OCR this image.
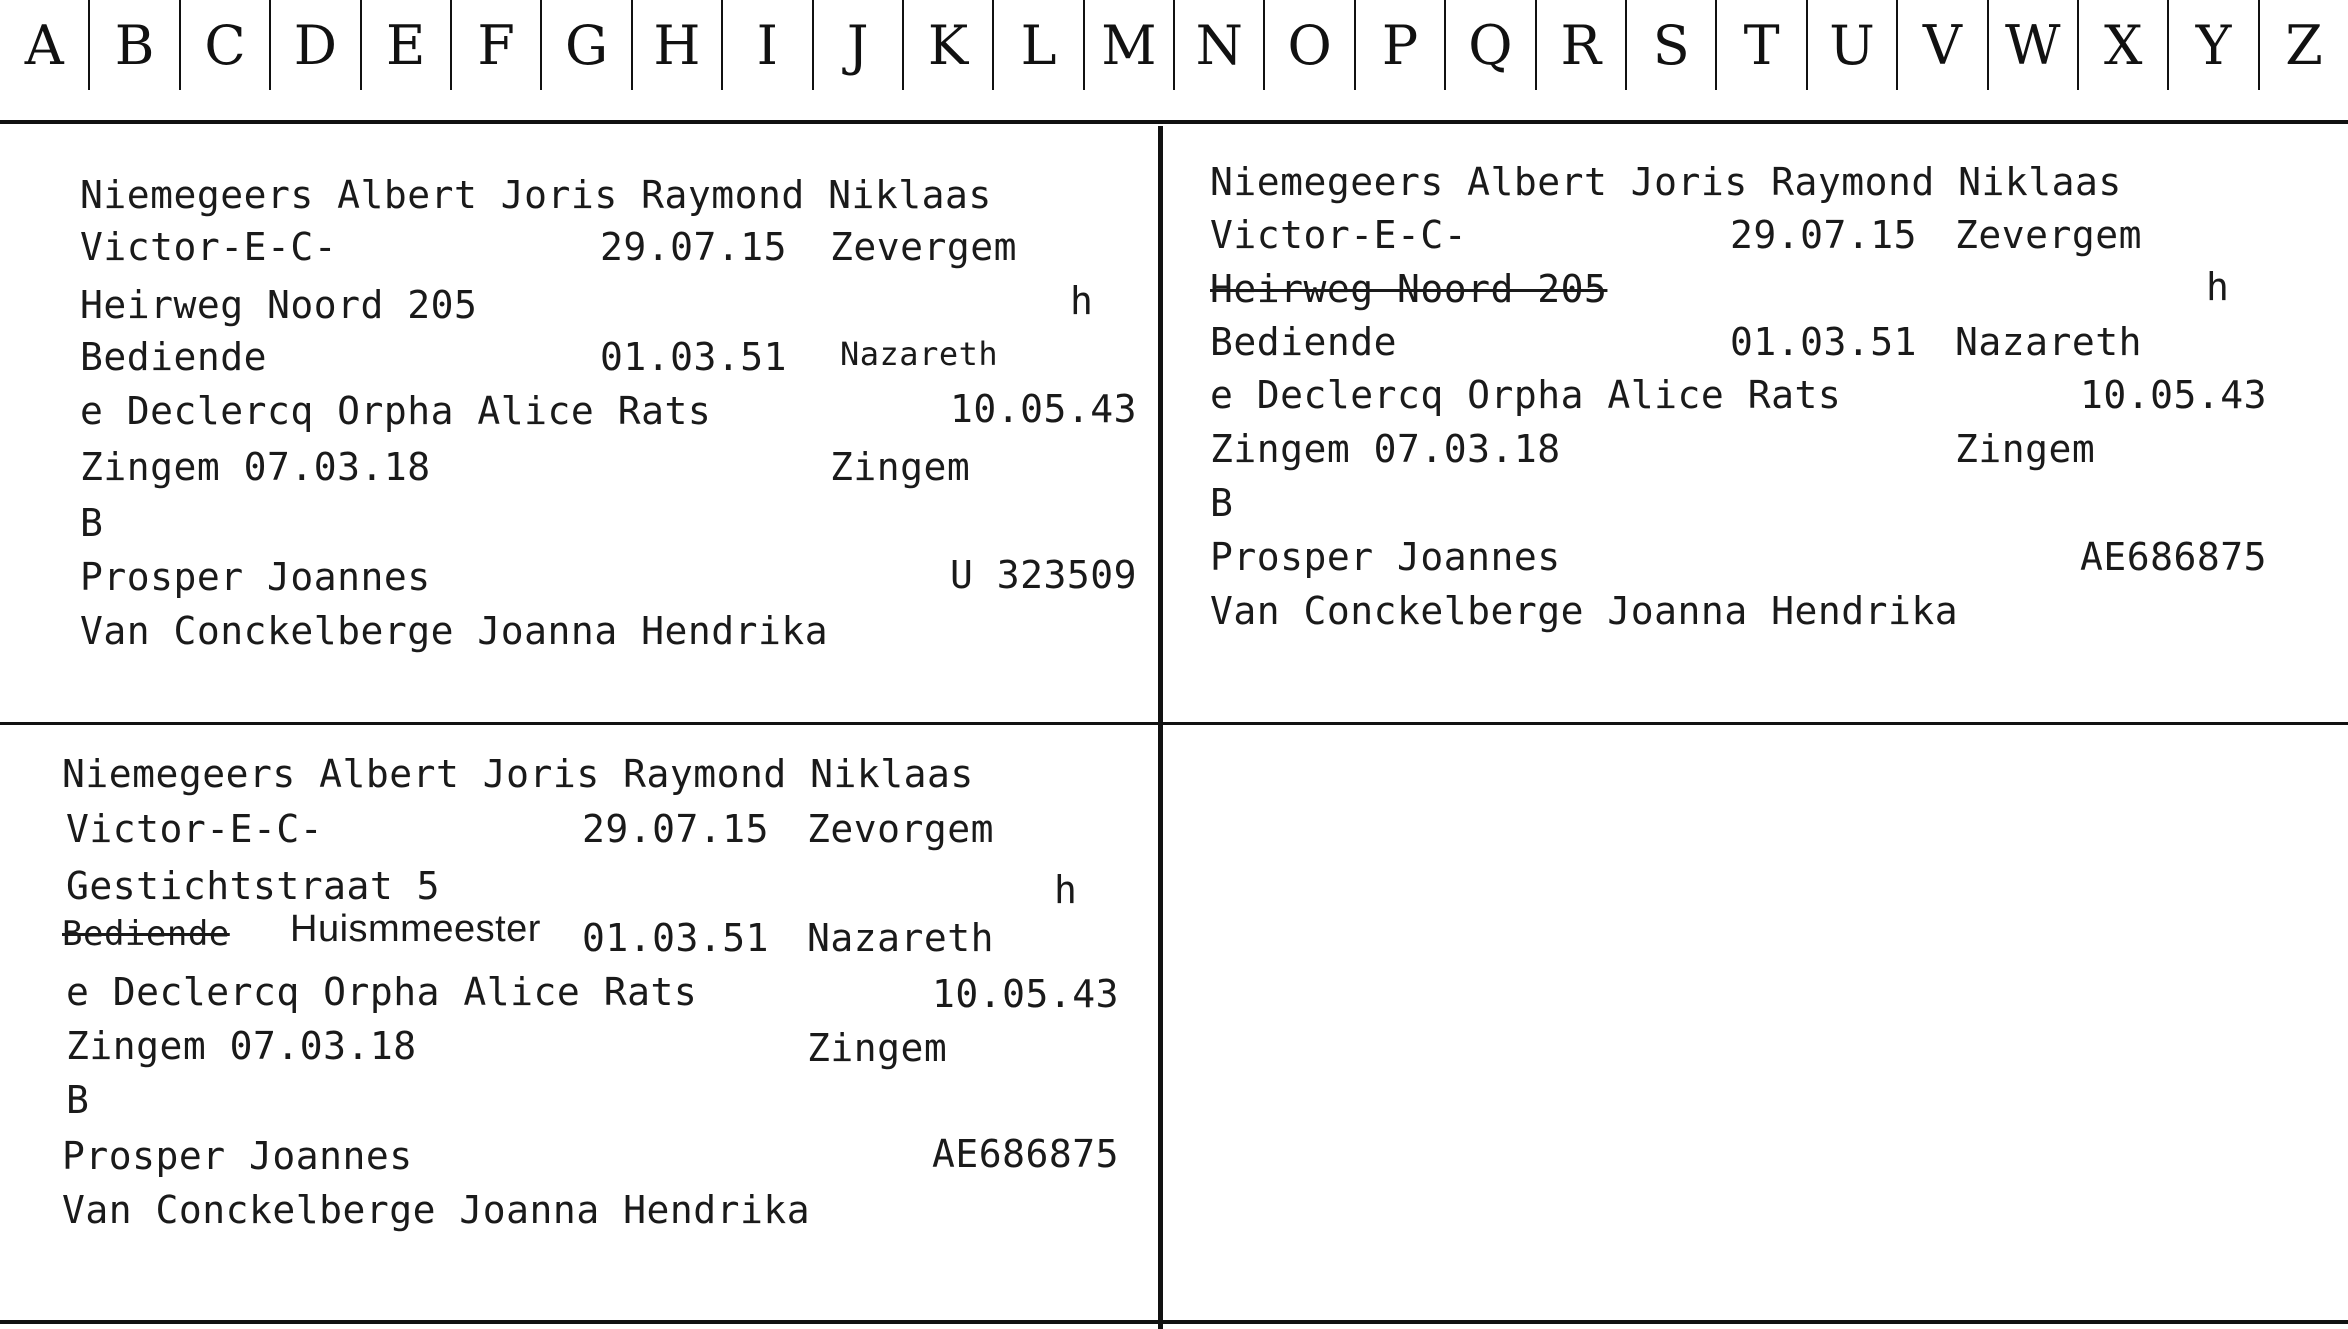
A B C D E F G H	I	J	K L M N O P Q R S T U V W X Y Z
Niemegeers Albert Joris Raymond Niklaas
Victor-E-C-	29.07.15 Zevergem
Heirweg Noord 205	h
Bediende	01.03.51 Nazareth
e Declercq Orpha Alice Rats	10.05.43
Zingem 07.03.18	Zingem
B
Prosper Joannes	U 323509
Van Conckelberge Joanna Hendrika
Niemegeers Albert Joris Raymond Niklaas
Victor-E-C-	29.07.15 Zevergem
Heirweg Noord 205	h
Bediende	01.03.51 Nazareth
e Declercq Orpha Alice Rats	10.05.43
Zingem 07.03.18	Zingem
B
Prosper Joannes	AE686875
Van Conckelberge Joanna Hendrika
Niemegeers Albert Joris Raymond Niklaas
Victor-E-C-	29.07.15 Zevorgem
Gestichtstraat 5	h
Bediende Huismmeester 01.03.51 Nazareth
e Declercq Orpha Alice Rats	10.05.43
Zingem 07.03.18	Zingem
B
Prosper Joannes	AE686875
Van Conckelberge Joanna Hendrika
